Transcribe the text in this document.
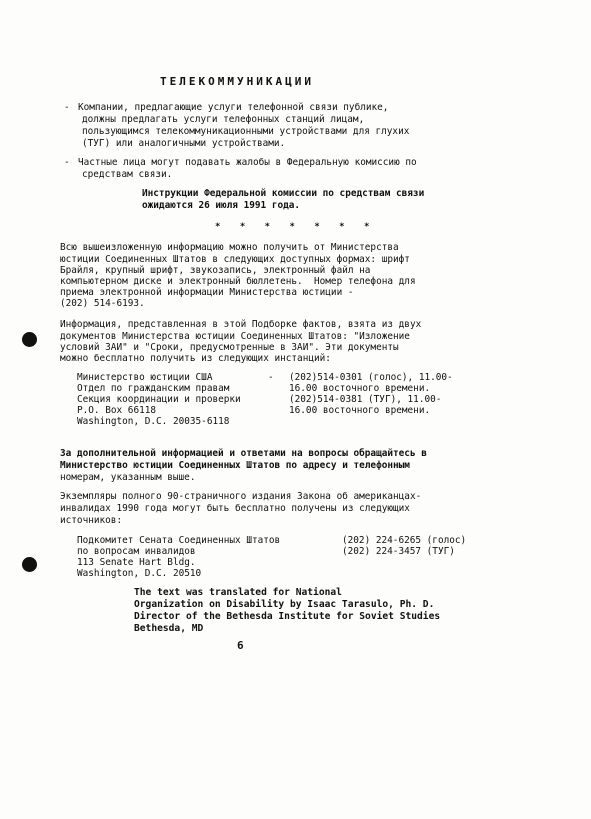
ТЕЛЕКОММУНИКАЦИИ
- Компании, предлагающие услуги телефонной связи публике,
должны предлагать услуги телефонных станций лицам,
пользующимся телекоммуникационными устройствами для глухих
(ТУГ) или аналогичными устройствами.
- Частные лица могут подавать жалобы в Федеральную комиссию по
средствам связи.
Инструкции Федеральной комиссии по средствам связи
ожидаются 26 июля 1991 года.
* * * * * * *
Всю вышеизложенную информацию можно получить от Министерства
юстиции Соединенных Штатов в следующих доступных формах: шрифт
Брайля, крупный шрифт, звукозапись, электронный файл на
компьютерном диске и электронный бюллетень.  Номер телефона для
приема электронной информации Министерства юстиции -
(202) 514-6193.
Информация, представленная в этой Подборке фактов, взята из двух
документов Министерства юстиции Соединенных Штатов: "Изложение
условий ЗАИ" и "Сроки, предусмотренные в ЗАИ". Эти документы
можно бесплатно получить из следующих инстанций:
Министерство юстиции США
Отдел по гражданским правам
Секция координации и проверки
P.O. Box 66118
Washington, D.C. 20035-6118
- (202)514-0301 (голос), 11.00-
16.00 восточного времени.
(202)514-0381 (ТУГ), 11.00-
16.00 восточного времени.
За дополнительной информацией и ответами на вопросы обращайтесь в
Министерство юстиции Соединенных Штатов по адресу и телефонным
номерам, указанным выше.
Экземпляры полного 90-страничного издания Закона об американцах-
инвалидах 1990 года могут быть бесплатно получены из следующих
источников:
Подкомитет Сената Соединенных Штатов
по вопросам инвалидов
113 Senate Hart Bldg.
Washington, D.C. 20510
(202) 224-6265 (голос)
(202) 224-3457 (ТУГ)
The text was translated for National
Organization on Disability by Isaac Tarasulo, Ph. D.
Director of the Bethesda Institute for Soviet Studies
Bethesda, MD
6
